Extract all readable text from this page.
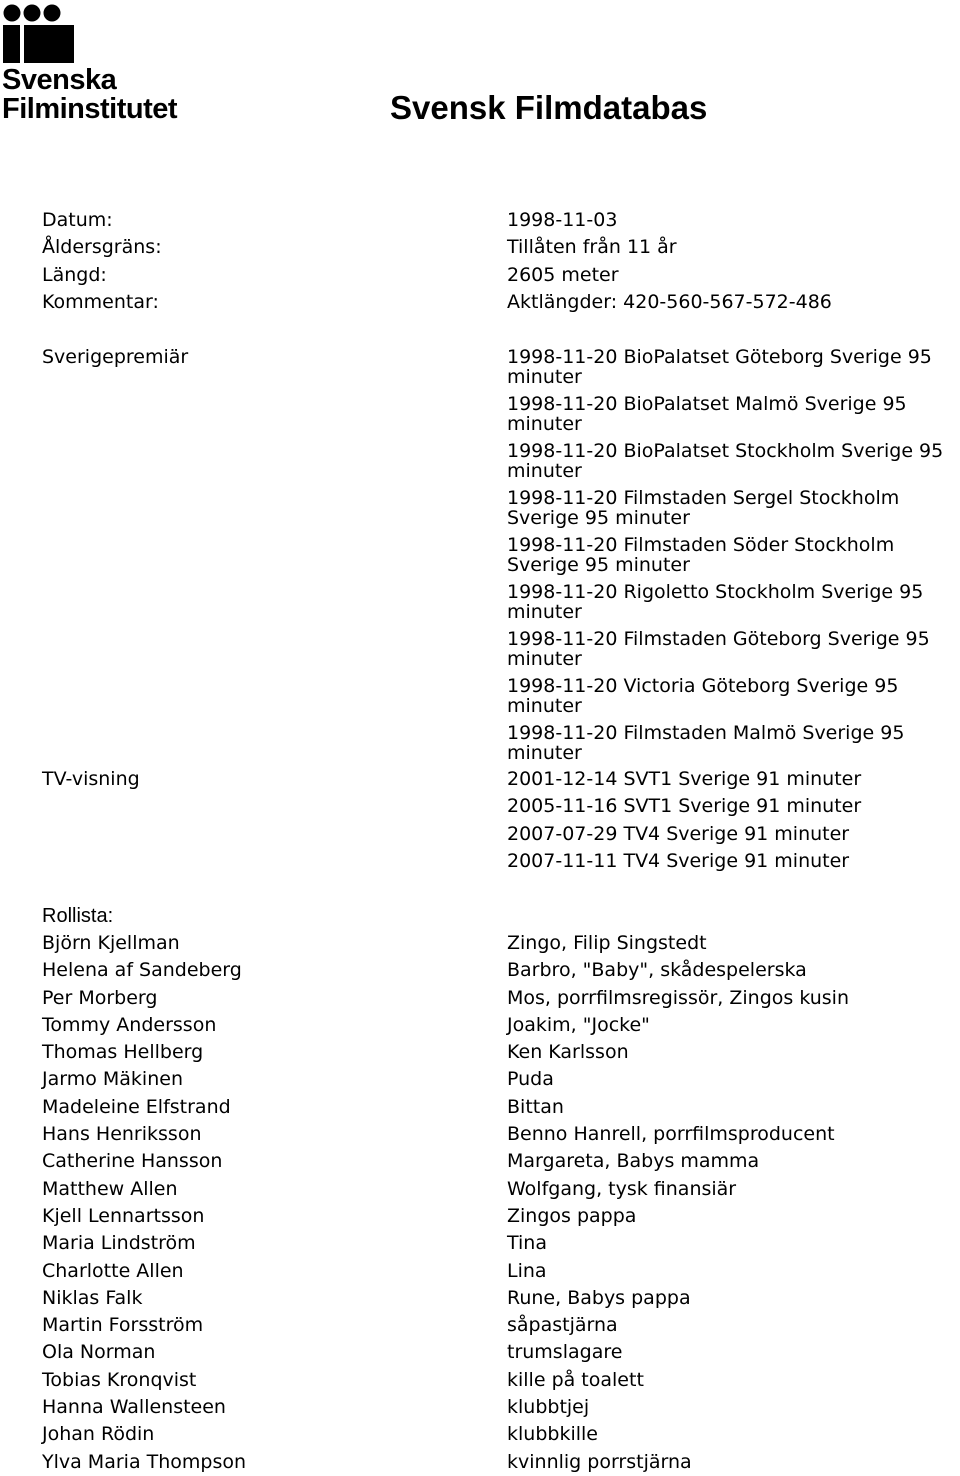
Svenska
Filminstitutet	Svensk Filmdatabas
Datum:	1998-11-03
Åldersgräns:	Tillåten från 11 år
Längd:	2605 meter
Kommentar:	Aktlängder: 420-560-567-572-486
Sverigepremiär	1998-11-20 BioPalatset Göteborg Sverige 95 minuter
1998-11-20 BioPalatset Malmö Sverige 95 minuter
1998-11-20 BioPalatset Stockholm Sverige 95 minuter
1998-11-20 Filmstaden Sergel Stockholm Sverige 95 minuter
1998-11-20 Filmstaden Söder Stockholm Sverige 95 minuter
1998-11-20 Rigoletto Stockholm Sverige 95 minuter
1998-11-20 Filmstaden Göteborg Sverige 95 minuter
1998-11-20 Victoria Göteborg Sverige 95 minuter
1998-11-20 Filmstaden Malmö Sverige 95 minuter
TV-visning	2001-12-14 SVT1 Sverige 91 minuter
2005-11-16 SVT1 Sverige 91 minuter
2007-07-29 TV4 Sverige 91 minuter
2007-11-11 TV4 Sverige 91 minuter
Rollista:
Björn Kjellman	Zingo, Filip Singstedt
Helena af Sandeberg	Barbro, "Baby", skådespelerska
Per Morberg	Mos, porrfilmsregissör, Zingos kusin
Tommy Andersson	Joakim, "Jocke"
Thomas Hellberg	Ken Karlsson
Jarmo Mäkinen	Puda
Madeleine Elfstrand	Bittan
Hans Henriksson	Benno Hanrell, porrfilmsproducent
Catherine Hansson	Margareta, Babys mamma
Matthew Allen	Wolfgang, tysk finansiär
Kjell Lennartsson	Zingos pappa
Maria Lindström	Tina
Charlotte Allen	Lina
Niklas Falk	Rune, Babys pappa
Martin Forsström	såpastjärna
Ola Norman	trumslagare
Tobias Kronqvist	kille på toalett
Hanna Wallensteen	klubbtjej
Johan Rödin	klubbkille
Ylva Maria Thompson	kvinnlig porrstjärna
